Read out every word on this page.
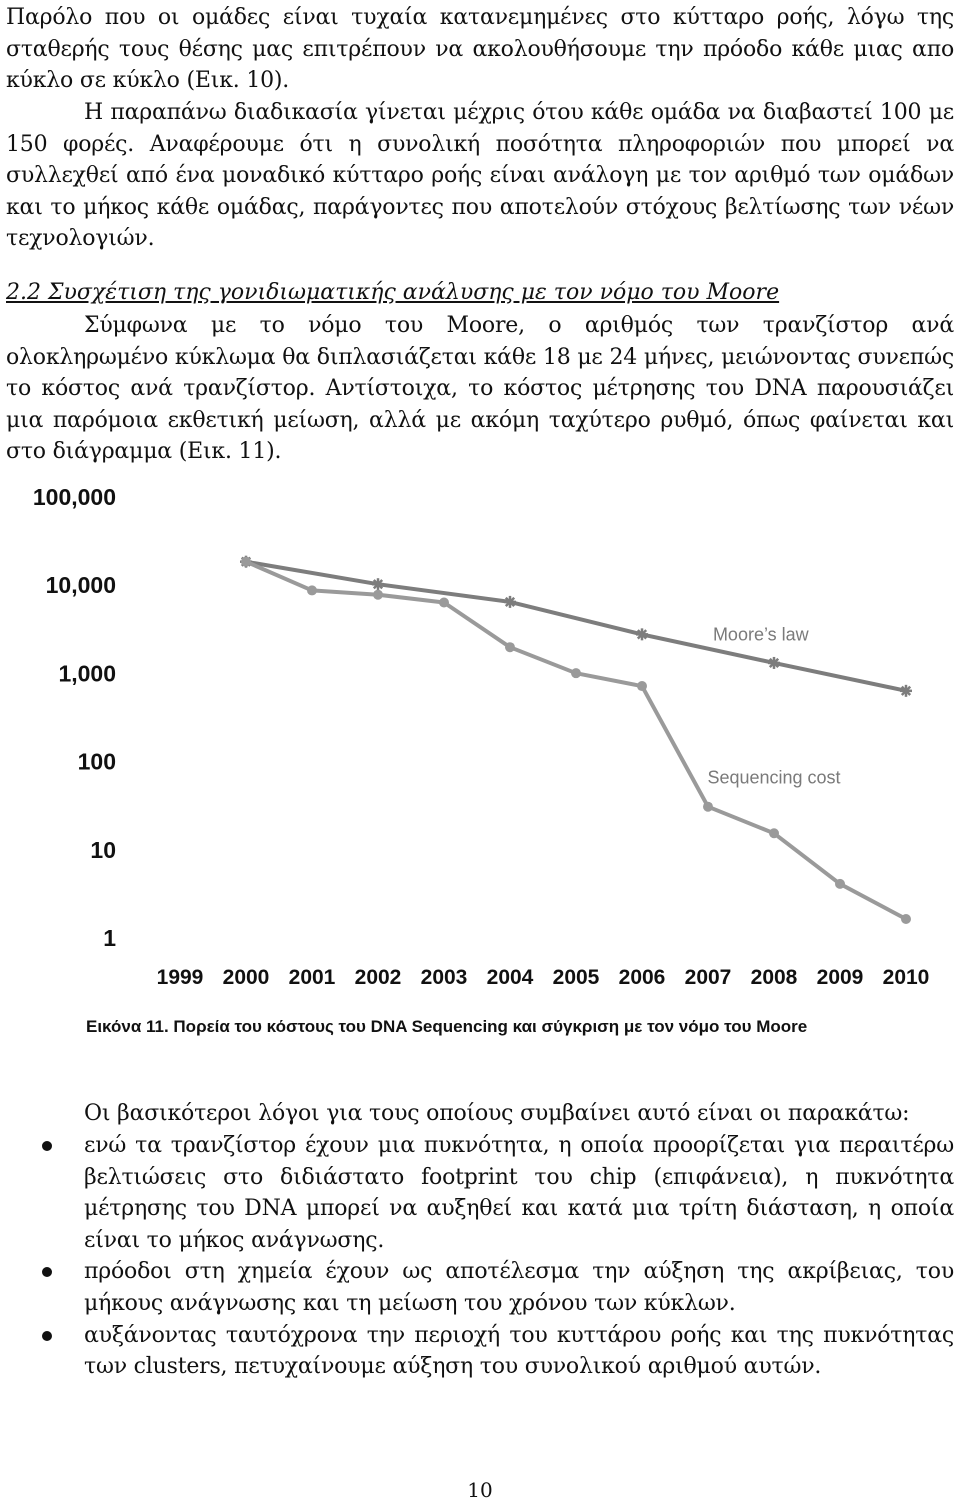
Παρόλο που οι ομάδες είναι τυχαία κατανεμημένες στο κύτταρο ροής, λόγω της σταθερής τους θέσης μας επιτρέπουν να ακολουθήσουμε την πρόοδο κάθε μιας απο κύκλο σε κύκλο (Εικ. 10).

Η παραπάνω διαδικασία γίνεται μέχρις ότου κάθε ομάδα να διαβαστεί 100 με 150 φορές. Αναφέρουμε ότι η συνολική ποσότητα πληροφοριών που μπορεί να συλλεχθεί από ένα μοναδικό κύτταρο ροής είναι ανάλογη με τον αριθμό των ομάδων και το μήκος κάθε ομάδας, παράγοντες που αποτελούν στόχους βελτίωσης των νέων τεχνολογιών.

2.2 Συσχέτιση της γονιδιωματικής ανάλυσης με τον νόμο του Moore

Σύμφωνα με το νόμο του Moore, ο αριθμός των τρανζίστορ ανά ολοκληρωμένο κύκλωμα θα διπλασιάζεται κάθε 18 με 24 μήνες, μειώνοντας συνεπώς το κόστος ανά τρανζίστορ. Αντίστοιχα, το κόστος μέτρησης του DNA παρουσιάζει μια παρόμοια εκθετική μείωση, αλλά με ακόμη ταχύτερο ρυθμό, όπως φαίνεται και στο διάγραμμα (Εικ. 11).

100,000
10,000
1,000
100
10
1
1999 2000 2001 2002 2003 2004 2005 2006 2007 2008 2009 2010
Moore’s law
Sequencing cost

Εικόνα 11. Πορεία του κόστους του DNA Sequencing και σύγκριση με τον νόμο του Moore

Οι βασικότεροι λόγοι για τους οποίους συμβαίνει αυτό είναι οι παρακάτω:

ενώ τα τρανζίστορ έχουν μια πυκνότητα, η οποία προορίζεται για περαιτέρω βελτιώσεις στο διδιάστατο footprint του chip (επιφάνεια), η πυκνότητα μέτρησης του DNA μπορεί να αυξηθεί και κατά μια τρίτη διάσταση, η οποία είναι το μήκος ανάγνωσης.
πρόοδοι στη χημεία έχουν ως αποτέλεσμα την αύξηση της ακρίβειας, του μήκους ανάγνωσης και τη μείωση του χρόνου των κύκλων.
αυξάνοντας ταυτόχρονα την περιοχή του κυττάρου ροής και της πυκνότητας των clusters, πετυχαίνουμε αύξηση του συνολικού αριθμού αυτών.

10
